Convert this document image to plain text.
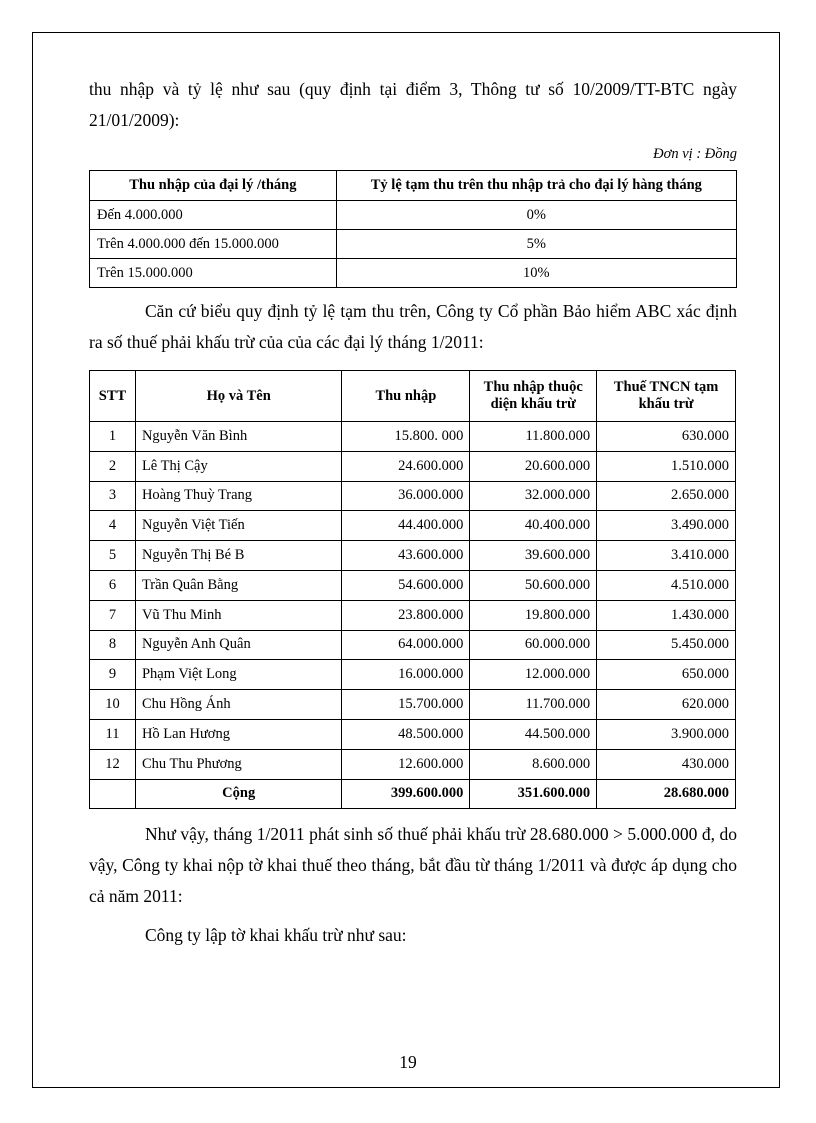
thu nhập và tỷ lệ như sau (quy định tại điểm 3, Thông tư số 10/2009/TT-BTC ngày 21/01/2009):

Đơn vị : Đồng
Thu nhập của đại lý /tháng	Tỷ lệ tạm thu trên thu nhập trả cho đại lý hàng tháng
Đến 4.000.000	0%
Trên 4.000.000 đến 15.000.000	5%
Trên 15.000.000	10%

Căn cứ biểu quy định tỷ lệ tạm thu trên, Công ty Cổ phần Bảo hiểm ABC xác định ra số thuế phải khấu trừ của của các đại lý tháng 1/2011:

STT	Họ và Tên	Thu nhập	Thu nhập thuộc diện khấu trừ	Thuế TNCN tạm khấu trừ
1	Nguyễn Văn Bình	15.800. 000	11.800.000	630.000
2	Lê Thị Cậy	24.600.000	20.600.000	1.510.000
3	Hoàng Thuỳ Trang	36.000.000	32.000.000	2.650.000
4	Nguyễn Việt Tiến	44.400.000	40.400.000	3.490.000
5	Nguyễn Thị Bé B	43.600.000	39.600.000	3.410.000
6	Trần Quân Bằng	54.600.000	50.600.000	4.510.000
7	Vũ Thu Minh	23.800.000	19.800.000	1.430.000
8	Nguyễn Anh Quân	64.000.000	60.000.000	5.450.000
9	Phạm Việt Long	16.000.000	12.000.000	650.000
10	Chu Hồng Ánh	15.700.000	11.700.000	620.000
11	Hồ Lan Hương	48.500.000	44.500.000	3.900.000
12	Chu Thu Phương	12.600.000	8.600.000	430.000
	Cộng	399.600.000	351.600.000	28.680.000

Như vậy, tháng 1/2011 phát sinh số thuế phải khấu trừ 28.680.000 > 5.000.000 đ, do vậy, Công ty khai nộp tờ khai thuế theo tháng, bắt đầu từ tháng 1/2011 và được áp dụng cho cả năm 2011:

Công ty lập tờ khai khấu trừ như sau:

19
